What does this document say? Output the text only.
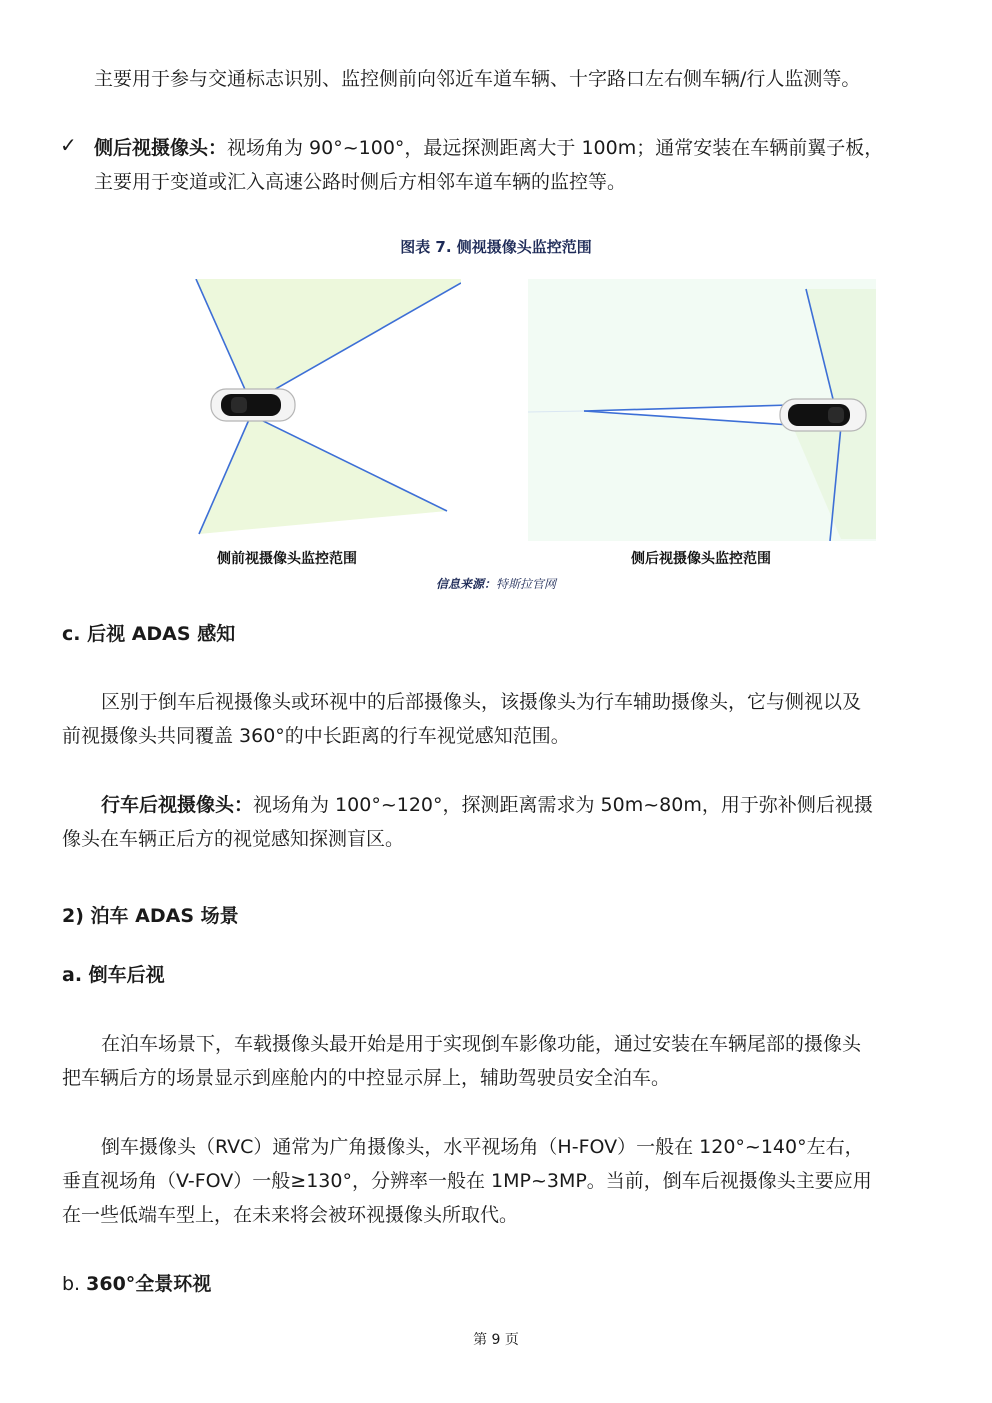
主要用于参与交通标志识别、监控侧前向邻近车道车辆、十字路口左右侧车辆/行人监测等。

✓ 侧后视摄像头：视场角为 90°~100°，最远探测距离大于 100m；通常安装在车辆前翼子板，

主要用于变道或汇入高速公路时侧后方相邻车道车辆的监控等。

图表 7. 侧视摄像头监控范围
侧前视摄像头监控范围	侧后视摄像头监控范围
信息来源：特斯拉官网

c. 后视 ADAS 感知

区别于倒车后视摄像头或环视中的后部摄像头，该摄像头为行车辅助摄像头，它与侧视以及

前视摄像头共同覆盖 360°的中长距离的行车视觉感知范围。

行车后视摄像头：视场角为 100°~120°，探测距离需求为 50m~80m，用于弥补侧后视摄

像头在车辆正后方的视觉感知探测盲区。

2) 泊车 ADAS 场景

a. 倒车后视

在泊车场景下，车载摄像头最开始是用于实现倒车影像功能，通过安装在车辆尾部的摄像头

把车辆后方的场景显示到座舱内的中控显示屏上，辅助驾驶员安全泊车。

倒车摄像头（RVC）通常为广角摄像头，水平视场角（H-FOV）一般在 120°~140°左右，

垂直视场角（V-FOV）一般≥130°，分辨率一般在 1MP~3MP。当前，倒车后视摄像头主要应用

在一些低端车型上，在未来将会被环视摄像头所取代。

b. 360°全景环视

第 9 页
